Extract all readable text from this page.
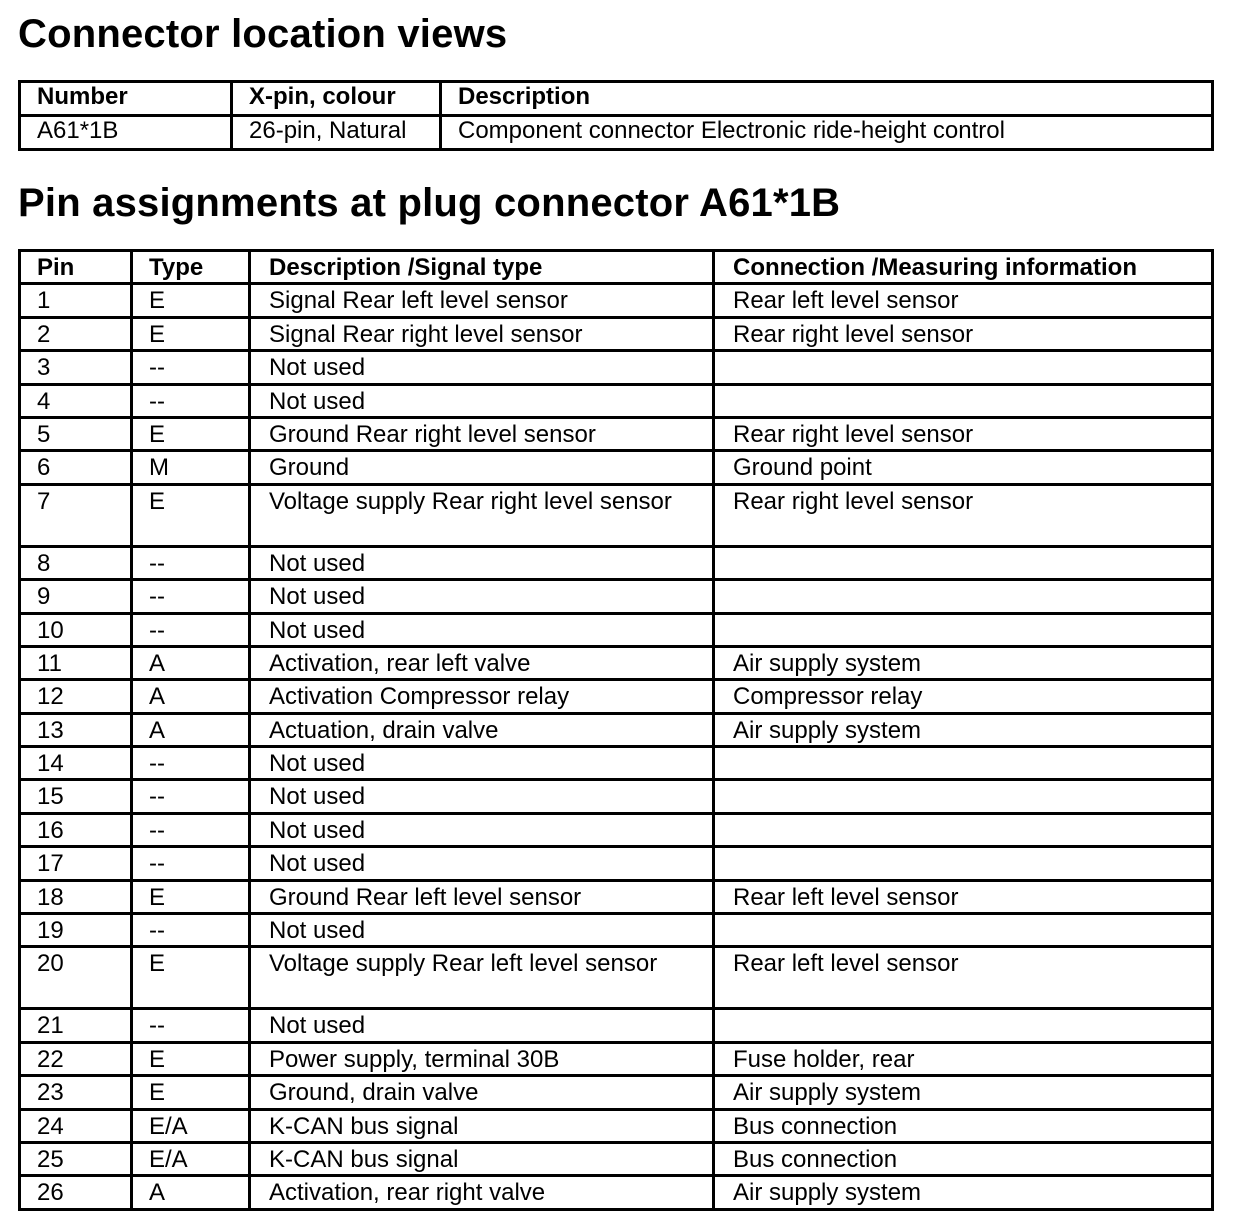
Connector location views
Number	X-pin, colour	Description
A61*1B	26-pin, Natural	Component connector Electronic ride-height control
Pin assignments at plug connector A61*1B
Pin	Type	Description /Signal type	Connection /Measuring information
1	E	Signal Rear left level sensor	Rear left level sensor
2	E	Signal Rear right level sensor	Rear right level sensor
3	--	Not used	
4	--	Not used	
5	E	Ground Rear right level sensor	Rear right level sensor
6	M	Ground	Ground point
7	E	Voltage supply Rear right level sensor	Rear right level sensor
8	--	Not used	
9	--	Not used	
10	--	Not used	
11	A	Activation, rear left valve	Air supply system
12	A	Activation Compressor relay	Compressor relay
13	A	Actuation, drain valve	Air supply system
14	--	Not used	
15	--	Not used	
16	--	Not used	
17	--	Not used	
18	E	Ground Rear left level sensor	Rear left level sensor
19	--	Not used	
20	E	Voltage supply Rear left level sensor	Rear left level sensor
21	--	Not used	
22	E	Power supply, terminal 30B	Fuse holder, rear
23	E	Ground, drain valve	Air supply system
24	E/A	K-CAN bus signal	Bus connection
25	E/A	K-CAN bus signal	Bus connection
26	A	Activation, rear right valve	Air supply system
